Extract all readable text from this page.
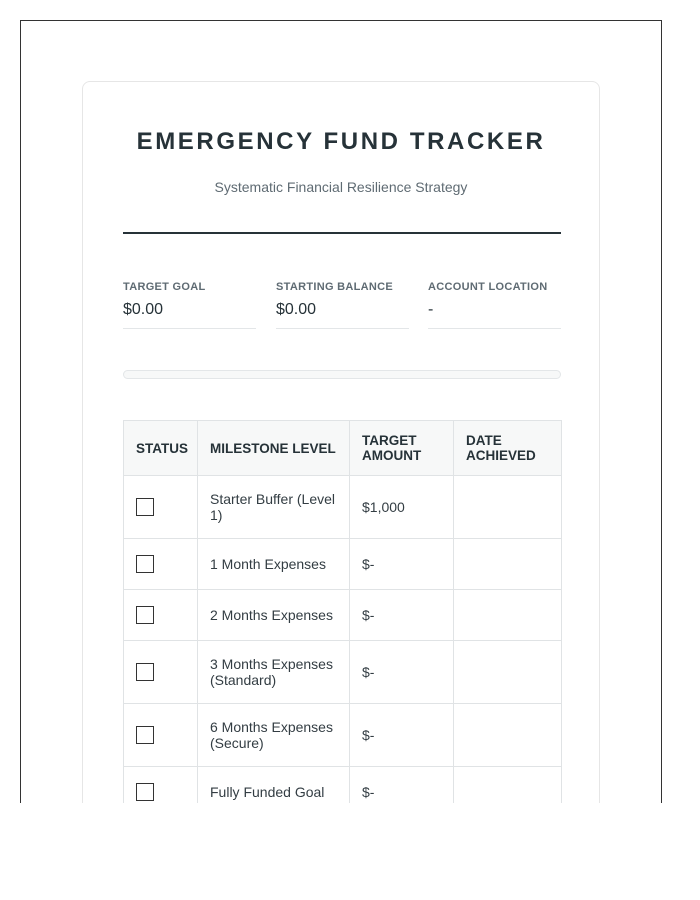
EMERGENCY FUND TRACKER

Systematic Financial Resilience Strategy

TARGET GOAL
$0.00
STARTING BALANCE
$0.00
ACCOUNT LOCATION
-
STATUS	MILESTONE LEVEL	TARGET AMOUNT	DATE ACHIEVED
	Starter Buffer (Level 1)	$1,000	
	1 Month Expenses	$-	
	2 Months Expenses	$-	
	3 Months Expenses (Standard)	$-	
	6 Months Expenses (Secure)	$-	
	Fully Funded Goal	$-	
